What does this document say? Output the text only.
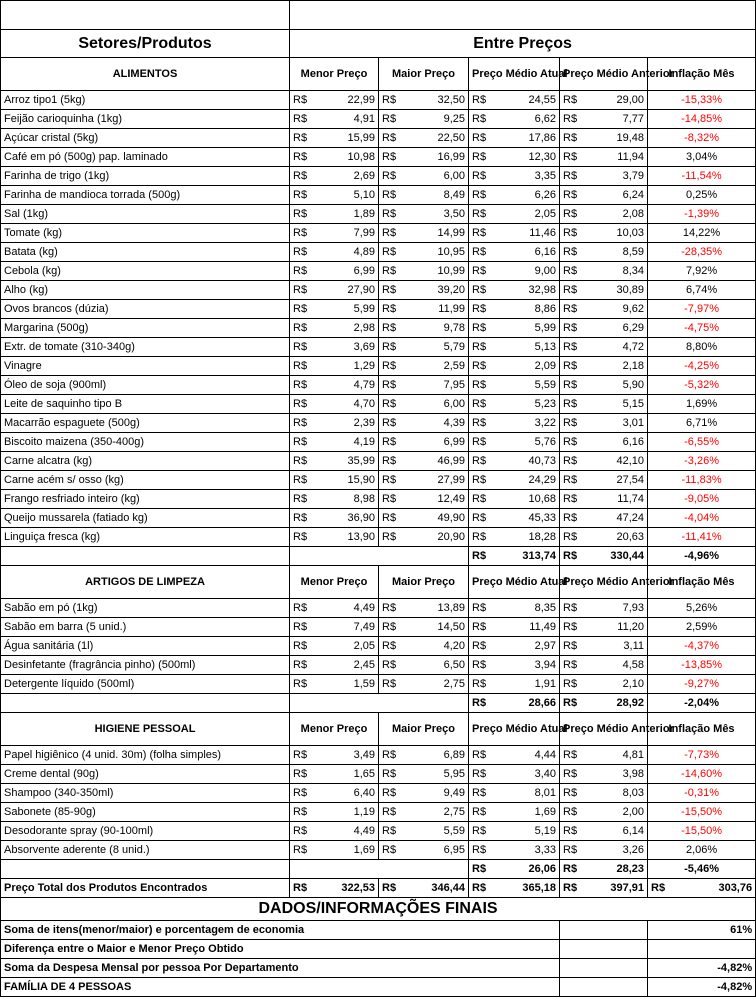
Setores/Produtos	Entre Preços								
ALIMENTOS	Menor Preço		Maior Preço		Preço Médio Atual		Preço Médio Anterior		Inflação Mês
Arroz tipo1 (5kg)	R$	22,99	R$	32,50	R$	24,55	R$	29,00	-15,33%
Feijão carioquinha (1kg)	R$	4,91	R$	9,25	R$	6,62	R$	7,77	-14,85%
Açúcar cristal (5kg)	R$	15,99	R$	22,50	R$	17,86	R$	19,48	-8,32%
Café em pó (500g) pap. laminado	R$	10,98	R$	16,99	R$	12,30	R$	11,94	3,04%
Farinha de trigo (1kg)	R$	2,69	R$	6,00	R$	3,35	R$	3,79	-11,54%
Farinha de mandioca torrada (500g)	R$	5,10	R$	8,49	R$	6,26	R$	6,24	0,25%
Sal (1kg)	R$	1,89	R$	3,50	R$	2,05	R$	2,08	-1,39%
Tomate (kg)	R$	7,99	R$	14,99	R$	11,46	R$	10,03	14,22%
Batata (kg)	R$	4,89	R$	10,95	R$	6,16	R$	8,59	-28,35%
Cebola (kg)	R$	6,99	R$	10,99	R$	9,00	R$	8,34	7,92%
Alho (kg)	R$	27,90	R$	39,20	R$	32,98	R$	30,89	6,74%
Ovos brancos (dúzia)	R$	5,99	R$	11,99	R$	8,86	R$	9,62	-7,97%
Margarina (500g)	R$	2,98	R$	9,78	R$	5,99	R$	6,29	-4,75%
Extr. de tomate (310-340g)	R$	3,69	R$	5,79	R$	5,13	R$	4,72	8,80%
Vinagre	R$	1,29	R$	2,59	R$	2,09	R$	2,18	-4,25%
Óleo de soja (900ml)	R$	4,79	R$	7,95	R$	5,59	R$	5,90	-5,32%
Leite de saquinho tipo B	R$	4,70	R$	6,00	R$	5,23	R$	5,15	1,69%
Macarrão espaguete (500g)	R$	2,39	R$	4,39	R$	3,22	R$	3,01	6,71%
Biscoito maizena (350-400g)	R$	4,19	R$	6,99	R$	5,76	R$	6,16	-6,55%
Carne alcatra (kg)	R$	35,99	R$	46,99	R$	40,73	R$	42,10	-3,26%
Carne acém s/ osso (kg)	R$	15,90	R$	27,99	R$	24,29	R$	27,54	-11,83%
Frango resfriado inteiro (kg)	R$	8,98	R$	12,49	R$	10,68	R$	11,74	-9,05%
Queijo mussarela (fatiado kg)	R$	36,90	R$	49,90	R$	45,33	R$	47,24	-4,04%
Linguiça fresca (kg)	R$	13,90	R$	20,90	R$	18,28	R$	20,63	-11,41%
					R$	313,74	R$	330,44	-4,96%
ARTIGOS DE LIMPEZA	Menor Preço		Maior Preço		Preço Médio Atual		Preço Médio Anterior		Inflação Mês
Sabão em pó (1kg)	R$	4,49	R$	13,89	R$	8,35	R$	7,93	5,26%
Sabão em barra (5 unid.)	R$	7,49	R$	14,50	R$	11,49	R$	11,20	2,59%
Água sanitária (1l)	R$	2,05	R$	4,20	R$	2,97	R$	3,11	-4,37%
Desinfetante (fragrância pinho) (500ml)	R$	2,45	R$	6,50	R$	3,94	R$	4,58	-13,85%
Detergente líquido (500ml)	R$	1,59	R$	2,75	R$	1,91	R$	2,10	-9,27%
					R$	28,66	R$	28,92	-2,04%
HIGIENE PESSOAL	Menor Preço		Maior Preço		Preço Médio Atual		Preço Médio Anterior		Inflação Mês
Papel higiênico (4 unid. 30m) (folha simples)	R$	3,49	R$	6,89	R$	4,44	R$	4,81	-7,73%
Creme dental (90g)	R$	1,65	R$	5,95	R$	3,40	R$	3,98	-14,60%
Shampoo (340-350ml)	R$	6,40	R$	9,49	R$	8,01	R$	8,03	-0,31%
Sabonete (85-90g)	R$	1,19	R$	2,75	R$	1,69	R$	2,00	-15,50%
Desodorante spray (90-100ml)	R$	4,49	R$	5,59	R$	5,19	R$	6,14	-15,50%
Absorvente aderente (8 unid.)	R$	1,69	R$	6,95	R$	3,33	R$	3,26	2,06%
					R$	26,06	R$	28,23	-5,46%
Preço Total dos Produtos Encontrados	R$	322,53	R$	346,44	R$	365,18	R$	397,91	R$ 303,76

DADOS/INFORMAÇÕES FINAIS									
Soma de itens(menor/maior) e porcentagem de economia									61%
Diferença entre o Maior e Menor Preço Obtido									
Soma da Despesa Mensal por pessoa Por Departamento									-4,82%
FAMÍLIA DE 4 PESSOAS									-4,82%
